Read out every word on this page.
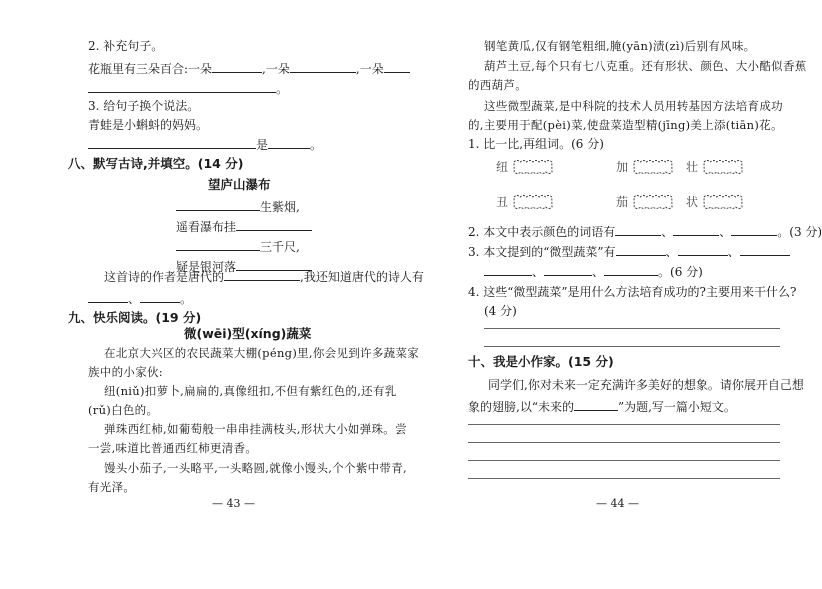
2. 补充句子。
花瓶里有三朵百合:一朵	,一朵	,一朵
。
3. 给句子换个说法。
青蛙是小蝌蚪的妈妈。
是	。
八、默写古诗,并填空。(14 分)
望庐山瀑布
生紫烟,
遥看瀑布挂
三千尺,
疑是银河落
这首诗的作者是唐代的	,我还知道唐代的诗人有
、	。
九、快乐阅读。(19 分)
微(wēi)型(xíng)蔬菜
在北京大兴区的农民蔬菜大棚(péng)里,你会见到许多蔬菜家
族中的小家伙:
纽(niǔ)扣萝卜,扁扁的,真像纽扣,不但有紫红色的,还有乳
(rǔ)白色的。
弹珠西红柿,如葡萄般一串串挂满枝头,形状大小如弹珠。尝
一尝,味道比普通西红柿更清香。
馒头小茄子,一头略平,一头略圆,就像小馒头,个个紫中带青,
有光泽。
— 43 —
钢笔黄瓜,仅有钢笔粗细,腌(yān)渍(zì)后别有风味。
葫芦土豆,每个只有七八克重。还有形状、颜色、大小酷似香蕉
的西葫芦。
这些微型蔬菜,是中科院的技术人员用转基因方法培育成功
的,主要用于配(pèi)菜,使盘菜造型精(jīng)美上添(tiān)花。
1. 比一比,再组词。(6 分)
纽	加	壮
丑	茄	状
2. 本文中表示颜色的词语有	、	、	。(3 分)
3. 本文提到的“微型蔬菜”有	、	、
、	、	。(6 分)
4. 这些“微型蔬菜”是用什么方法培育成功的?主要用来干什么?
(4 分)
十、我是小作家。(15 分)
同学们,你对未来一定充满许多美好的想象。请你展开自己想
象的翅膀,以“未来的	”为题,写一篇小短文。
— 44 —
